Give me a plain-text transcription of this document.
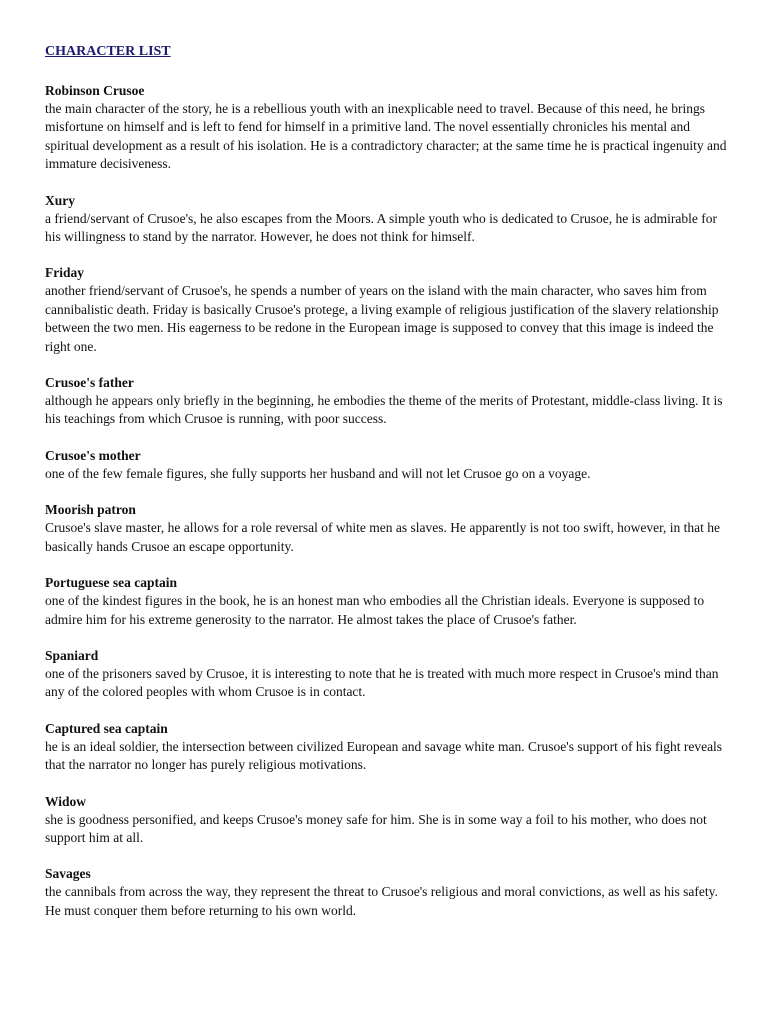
CHARACTER LIST

Robinson Crusoe

the main character of the story, he is a rebellious youth with an inexplicable need to travel. Because of this need, he brings misfortune on himself and is left to fend for himself in a primitive land. The novel essentially chronicles his mental and spiritual development as a result of his isolation. He is a contradictory character; at the same time he is practical ingenuity and immature decisiveness.

Xury

a friend/servant of Crusoe's, he also escapes from the Moors. A simple youth who is dedicated to Crusoe, he is admirable for his willingness to stand by the narrator. However, he does not think for himself.

Friday

another friend/servant of Crusoe's, he spends a number of years on the island with the main character, who saves him from cannibalistic death. Friday is basically Crusoe's protege, a living example of religious justification of the slavery relationship between the two men. His eagerness to be redone in the European image is supposed to convey that this image is indeed the right one.

Crusoe's father

although he appears only briefly in the beginning, he embodies the theme of the merits of Protestant, middle-class living. It is his teachings from which Crusoe is running, with poor success.

Crusoe's mother

one of the few female figures, she fully supports her husband and will not let Crusoe go on a voyage.

Moorish patron

Crusoe's slave master, he allows for a role reversal of white men as slaves. He apparently is not too swift, however, in that he basically hands Crusoe an escape opportunity.

Portuguese sea captain

one of the kindest figures in the book, he is an honest man who embodies all the Christian ideals. Everyone is supposed to admire him for his extreme generosity to the narrator. He almost takes the place of Crusoe's father.

Spaniard

one of the prisoners saved by Crusoe, it is interesting to note that he is treated with much more respect in Crusoe's mind than any of the colored peoples with whom Crusoe is in contact.

Captured sea captain

he is an ideal soldier, the intersection between civilized European and savage white man. Crusoe's support of his fight reveals that the narrator no longer has purely religious motivations.

Widow

she is goodness personified, and keeps Crusoe's money safe for him. She is in some way a foil to his mother, who does not support him at all.

Savages

the cannibals from across the way, they represent the threat to Crusoe's religious and moral convictions, as well as his safety. He must conquer them before returning to his own world.
